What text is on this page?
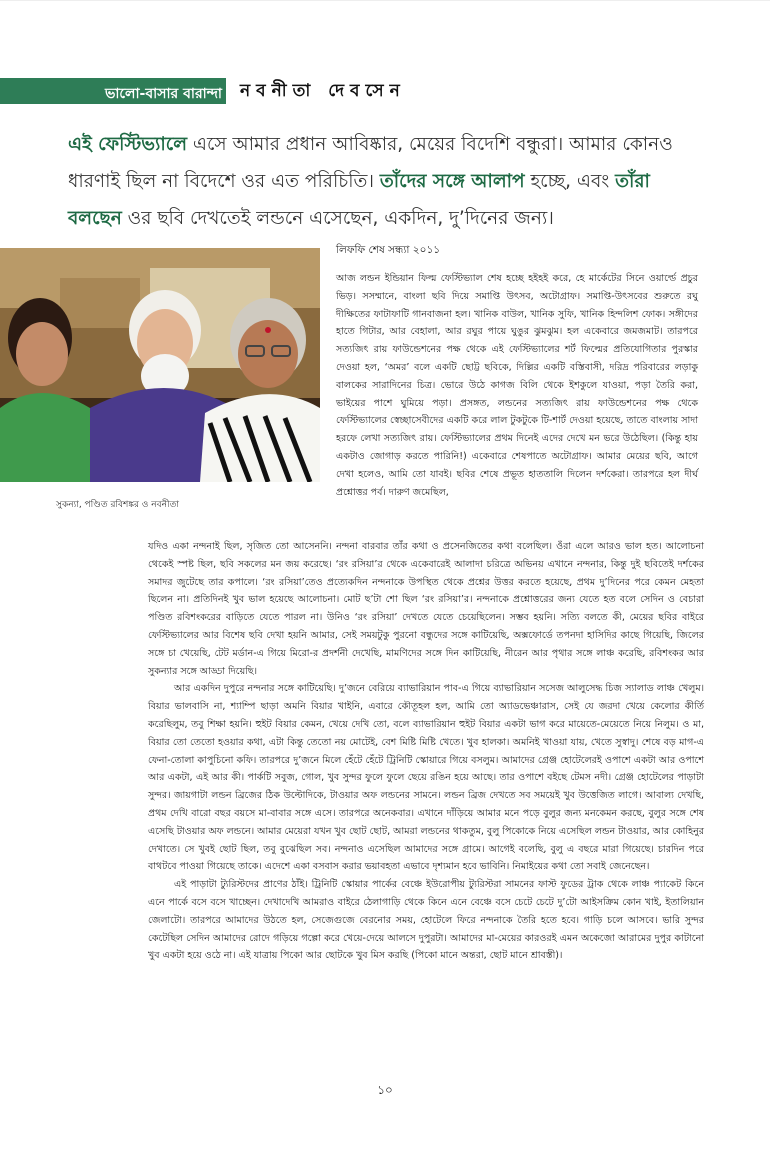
ভালো-বাসার বারান্দা নবনীতা দেবসেন
এই ফেস্টিভ্যালে এসে আমার প্রধান আবিষ্কার, মেয়ের বিদেশি বন্ধুরা। আমার কোনও ধারণাই ছিল না বিদেশে ওর এত পরিচিতি। তাঁদের সঙ্গে আলাপ হচ্ছে, এবং তাঁরা বলছেন ওর ছবি দেখতেই লন্ডনে এসেছেন, একদিন, দু’দিনের জন্য।
সুকন্যা, পণ্ডিত রবিশঙ্কর ও নবনীতা
লিফফি শেষ সন্ধ্যা ২০১১

আজ লন্ডন ইন্ডিয়ান ফিল্ম ফেস্টিভ্যাল শেষ হচ্ছে হইহই করে, হে মার্কেটের সিনে ওয়ার্ল্ডে প্রচুর ভিড়। সসম্মানে, বাংলা ছবি দিয়ে সমাপ্তি উৎসব, অটোগ্রাফ। সমাপ্তি-উৎসবের শুরুতে রঘু দীক্ষিতের ফাটাফাটি গানবাজনা হল। খানিক বাউল, খানিক সুফি, খানিক হিন্দলিশ ফোক। সঙ্গীদের হাতে গিটার, আর বেহালা, আর রঘুর পায়ে ঘুঙুর ঝুমঝুম। হল একেবারে জমজমাট। তারপরে সত্যজিৎ রায় ফাউন্ডেশনের পক্ষ থেকে এই ফেস্টিভ্যালের শর্ট ফিল্মের প্রতিযোগিতার পুরস্কার দেওয়া হল, ‘অমর’ বলে একটি ছোট্ট ছবিকে, দিল্লির একটি বস্তিবাসী, দরিদ্র পরিবারের লড়াকু বালকের সারাদিনের চিত্র। ভোরে উঠে কাগজ বিলি থেকে ইশকুলে যাওয়া, পড়া তৈরি করা, ভাইয়ের পাশে ঘুমিয়ে পড়া। প্রসঙ্গত, লন্ডনের সত্যজিৎ রায় ফাউন্ডেশনের পক্ষ থেকে ফেস্টিভ্যালের স্বেচ্ছাসেবীদের একটি করে লাল টুকটুকে টি-শার্ট দেওয়া হয়েছে, তাতে বাংলায় সাদা হরফে লেখা সত্যজিৎ রায়। ফেস্টিভ্যালের প্রথম দিনেই এদের দেখে মন ভরে উঠেছিল। (কিন্তু হায় একটাও জোগাড় করতে পারিনি!) একেবারে শেষপাতে অটোগ্রাফ। আমার মেয়ের ছবি, আগে দেখা হলেও, আমি তো যাবই। ছবির শেষে প্রভূত হাততালি দিলেন দর্শকেরা। তারপরে হল দীর্ঘ প্রশ্নোত্তর পর্ব। দারুণ জমেছিল,

যদিও একা নন্দনাই ছিল, সৃজিত তো আসেননি। নন্দনা বারবার তাঁর কথা ও প্রসেনজিতের কথা বলেছিল। ওঁরা এলে আরও ভাল হত। আলোচনা থেকেই স্পষ্ট ছিল, ছবি সকলের মন জয় করেছে। ‘রং রসিয়া’র থেকে একেবারেই আলাদা চরিত্রে অভিনয় এখানে নন্দনার, কিন্তু দুই ছবিতেই দর্শকের সমাদর জুটেছে তার কপালে। ‘রং রসিয়া’তেও প্রত্যেকদিন নন্দনাকে উপস্থিত থেকে প্রশ্নের উত্তর করতে হয়েছে, প্রথম দু’দিনের পরে কেমন মেহতা ছিলেন না। প্রতিদিনই খুব ভাল হয়েছে আলোচনা। মোট ছ’টা শো ছিল ‘রং রসিয়া’র। নন্দনাকে প্রশ্নোত্তরের জন্য যেতে হত বলে সেদিন ও বেচারা পণ্ডিত রবিশংকরের বাড়িতে যেতে পারল না। উনিও ‘রং রসিয়া’ দেখতে যেতে চেয়েছিলেন। সম্ভব হয়নি। সত্যি বলতে কী, মেয়ের ছবির বাইরে ফেস্টিভ্যালের আর বিশেষ ছবি দেখা হয়নি আমার, সেই সময়টুকু পুরনো বন্ধুদের সঙ্গে কাটিয়েছি, অক্সফোর্ডে তপনদা হাসিদির কাছে গিয়েছি, জিলের সঙ্গে চা খেয়েছি, টেট মর্ডান-এ গিয়ে মিরো-র প্রদর্শনী দেখেছি, মামণিদের সঙ্গে দিন কাটিয়েছি, নীরেন আর পৃথার সঙ্গে লাঞ্চ করেছি, রবিশংকর আর সুকন্যার সঙ্গে আড্ডা দিয়েছি।

আর একদিন দুপুরে নন্দনার সঙ্গে কাটিয়েছি। দু’জনে বেরিয়ে ব্যাভারিয়ান পাব-এ গিয়ে ব্যাভারিয়ান সসেজ আলুসেদ্ধ চিজ স্যালাড লাঞ্চ খেলুম। বিয়ার ভালবাসি না, শ্যাম্পি ছাড়া অমনি বিয়ার খাইনি, এবারে কৌতূহল হল, আমি তো অ্যাডভেঞ্চারাস, সেই যে জরদা খেয়ে কেলোর কীর্তি করেছিলুম, তবু শিক্ষা হয়নি। হুইট বিয়ার কেমন, খেয়ে দেখি তো, বলে ব্যাভারিয়ান হুইট বিয়ার একটা ভাগ করে মায়েতে-মেয়েতে নিয়ে নিলুম। ও মা, বিয়ার তো তেতো হওয়ার কথা, এটা কিন্তু তেতো নয় মোটেই, বেশ মিষ্টি মিষ্টি খেতে। খুব হালকা। অমনিই খাওয়া যায়, খেতে সুস্বাদু। শেষে বড় মাগ-এ ফেনা-তোলা কাপুচিনো কফি। তারপরে দু’জনে মিলে হেঁটে হেঁটে ট্রিনিটি স্কোয়ারে গিয়ে বসলুম। আমাদের গ্রেঞ্জ হোটেলেরই ওপাশে একটা আর ওপাশে আর একটা, এই আর কী। পার্কটি সবুজ, গোল, খুব সুন্দর ফুলে ফুলে ছেয়ে রঙিন হয়ে আছে। তার ওপাশে বইছে টেমস নদী। গ্রেঞ্জ হোটেলের পাড়াটা সুন্দর। জায়গাটা লন্ডন ব্রিজের ঠিক উল্টোদিকে, টাওয়ার অফ লন্ডনের সামনে। লন্ডন ব্রিজ দেখতে সব সময়েই খুব উত্তেজিত লাগে। আবাল্য দেখছি, প্রথম দেখি বারো বছর বয়সে মা-বাবার সঙ্গে এসে। তারপরে অনেকবার। এখানে দাঁড়িয়ে আমার মনে পড়ে বুলুর জন্য মনকেমন করছে, বুলুর সঙ্গে শেষ এসেছি টাওয়ার অফ লন্ডনে। আমার মেয়েরা যখন খুব ছোট ছোট, আমরা লন্ডনের থাকতুম, বুলু পিকোকে নিয়ে এসেছিল লন্ডন টাওয়ার, আর কোহিনুর দেখাতে। সে খুবই ছোট ছিল, তবু বুঝেছিল সব। নন্দনাও এসেছিল আমাদের সঙ্গে গ্রামে। আগেই বলেছি, বুলু এ বছরে মারা গিয়েছে। চারদিন পরে বাথটবে পাওয়া গিয়েছে তাকে। এদেশে একা বসবাস করার ভয়াবহতা এভাবে দৃশ্যমান হবে ভাবিনি। নিমাইয়ের কথা তো সবাই জেনেছেন।

এই পাড়াটা ট্যুরিস্টদের প্রাণের ঠাঁই। ট্রিনিটি স্কোয়ার পার্কের বেঞ্চে ইউরোপীয় ট্যুরিস্টরা সামনের ফাস্ট ফুডের ট্রাক থেকে লাঞ্চ প্যাকেট কিনে এনে পার্কে বসে বসে খাচ্ছেন। দেখাদেখি আমরাও বাইরে ঠেলাগাড়ি থেকে কিনে এনে বেঞ্চে বসে চেটে চেটে দু’টো আইসক্রিম কোন খাই, ইতালিয়ান জেলাটো। তারপরে আমাদের উঠতে হল, সেজেগুজে বেরনোর সময়, হোটেলে ফিরে নন্দনাকে তৈরি হতে হবে। গাড়ি চলে আসবে। ভারি সুন্দর কেটেছিল সেদিন আমাদের রোদে গড়িয়ে গল্পো করে খেয়ে-দেয়ে আলসে দুপুরটা। আমাদের মা-মেয়ের কারওরই এমন অকেজো আরামের দুপুর কাটানো খুব একটা হয়ে ওঠে না। এই যাত্রায় পিকো আর ছোটকে খুব মিস করছি (পিকো মানে অন্তরা, ছোট মানে শ্রাবস্তী)।

১০
